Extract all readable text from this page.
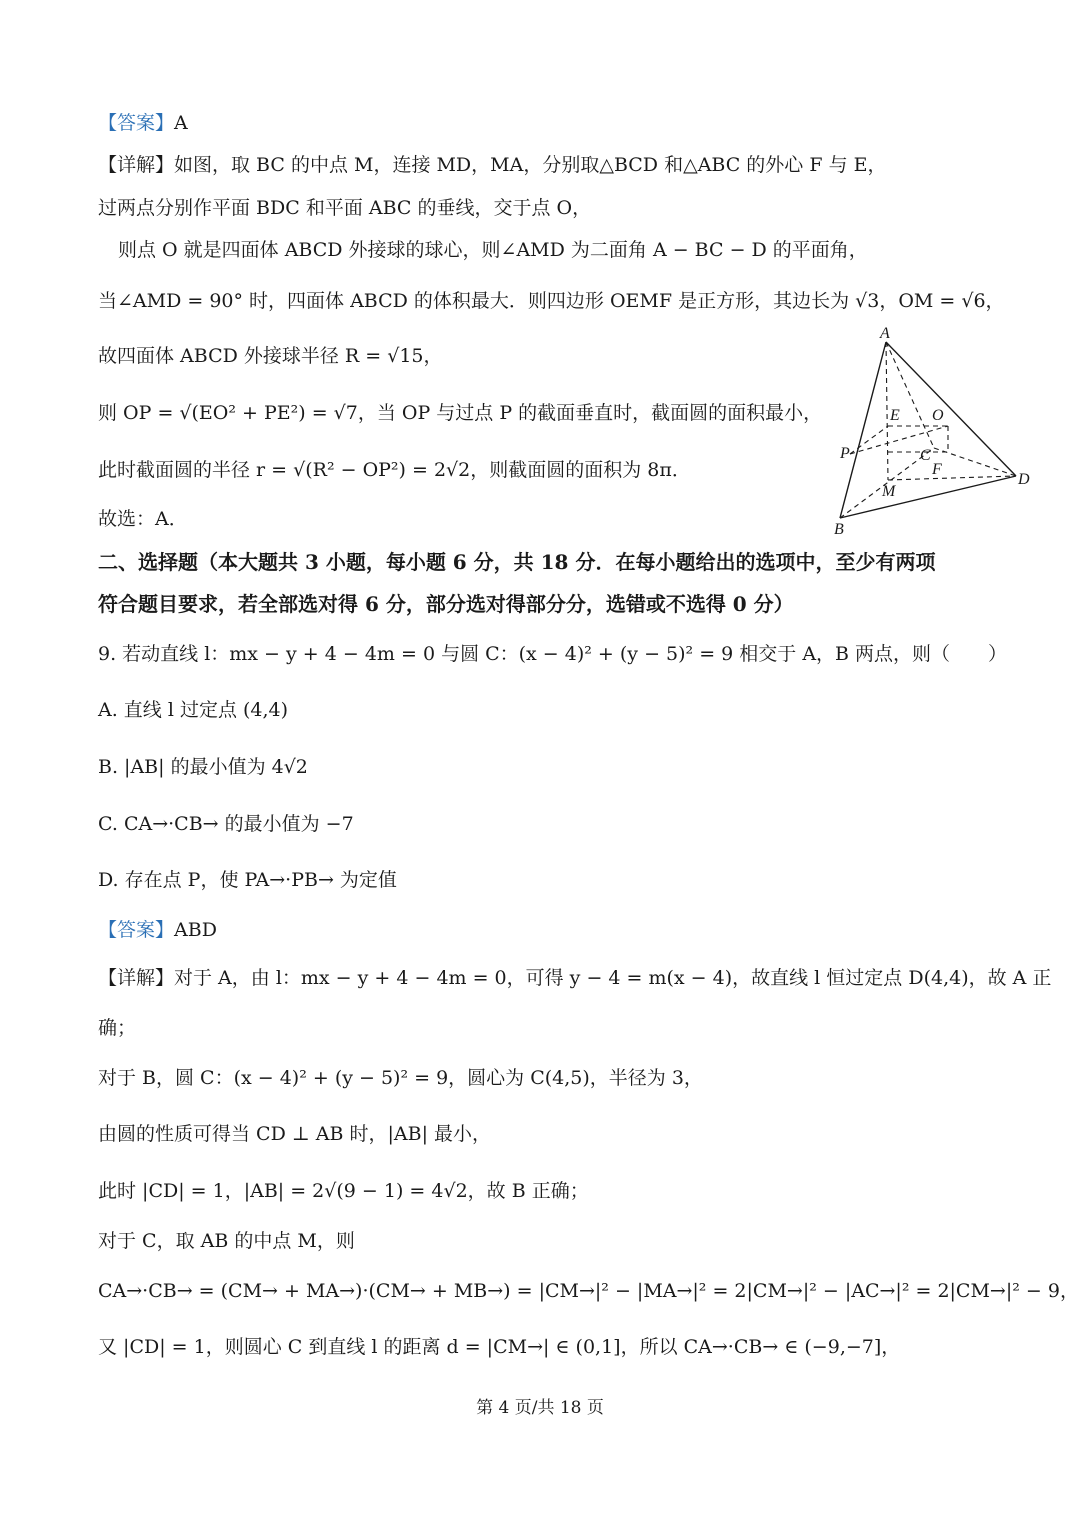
【答案】A
【详解】如图，取 BC 的中点 M，连接 MD，MA，分别取△BCD 和△ABC 的外心 F 与 E，
过两点分别作平面 BDC 和平面 ABC 的垂线，交于点 O，
则点 O 就是四面体 ABCD 外接球的球心，则∠AMD 为二面角 A − BC − D 的平面角，
当∠AMD = 90° 时，四面体 ABCD 的体积最大．则四边形 OEMF 是正方形，其边长为 √3，OM = √6，
故四面体 ABCD 外接球半径 R = √15，
则 OP = √(EO² + PE²) = √7，当 OP 与过点 P 的截面垂直时，截面圆的面积最小，
此时截面圆的半径 r = √(R² − OP²) = 2√2，则截面圆的面积为 8π．
故选：A．
A
E O
P	C
F
M
D
B
二、选择题（本大题共 3 小题，每小题 6 分，共 18 分．在每小题给出的选项中，至少有两项
符合题目要求，若全部选对得 6 分，部分选对得部分分，选错或不选得 0 分）
9. 若动直线 l：mx − y + 4 − 4m = 0 与圆 C：(x − 4)² + (y − 5)² = 9 相交于 A，B 两点，则（　　）
A. 直线 l 过定点 (4,4)
B. |AB| 的最小值为 4√2
C. CA→·CB→ 的最小值为 −7
D. 存在点 P，使 PA→·PB→ 为定值
【答案】ABD
【详解】对于 A，由 l：mx − y + 4 − 4m = 0，可得 y − 4 = m(x − 4)，故直线 l 恒过定点 D(4,4)，故 A 正
确；
对于 B，圆 C：(x − 4)² + (y − 5)² = 9，圆心为 C(4,5)，半径为 3，
由圆的性质可得当 CD ⊥ AB 时，|AB| 最小，
此时 |CD| = 1，|AB| = 2√(9 − 1) = 4√2，故 B 正确；
对于 C，取 AB 的中点 M，则
CA→·CB→ = (CM→ + MA→)·(CM→ + MB→) = |CM→|² − |MA→|² = 2|CM→|² − |AC→|² = 2|CM→|² − 9，
又 |CD| = 1，则圆心 C 到直线 l 的距离 d = |CM→| ∈ (0,1]，所以 CA→·CB→ ∈ (−9,−7]，
第 4 页/共 18 页
